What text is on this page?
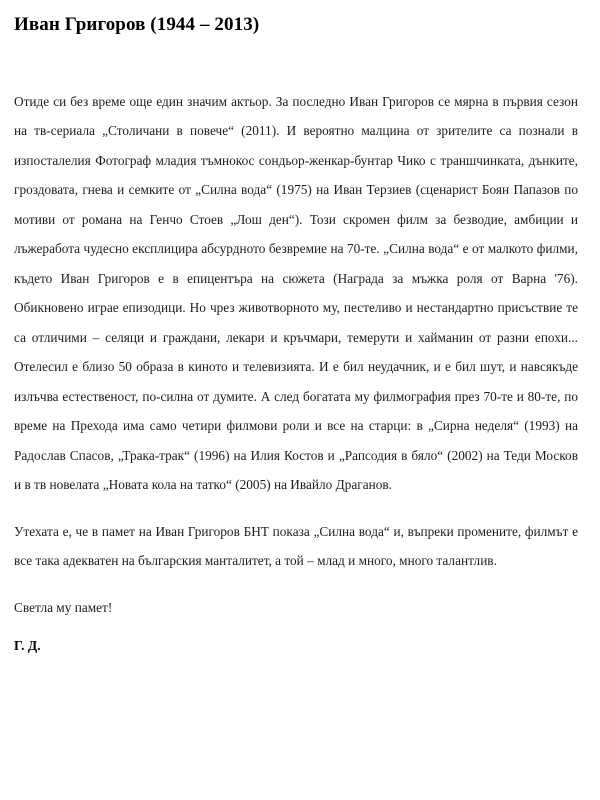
Иван Григоров (1944 – 2013)

Отиде си без време още един значим актьор. За последно Иван Григоров се мярна в първия сезон на тв-сериала „Столичани в повече“ (2011). И вероятно малцина от зрителите са познали в изпосталелия Фотограф младия тъмнокос сондьор-женкар-бунтар Чико с траншчинката, дънките, гроздовата, гнева и семките от „Силна вода“ (1975) на Иван Терзиев (сценарист Боян Папазов по мотиви от романа на Генчо Стоев „Лош ден“). Този скромен филм за безводие, амбиции и лъжеработа чудесно експлицира абсурдното безвремие на 70-те. „Силна вода“ е от малкото филми, където Иван Григоров е в епицентъра на сюжета (Награда за мъжка роля от Варна '76). Обикновено играе епизодици. Но чрез животворното му, пестеливо и нестандартно присъствие те са отличими – селяци и граждани, лекари и кръчмари, темерути и хайманин от разни епохи... Отелесил е близо 50 образа в киното и телевизията. И е бил неудачник, и е бил шут, и навсякъде излъчва естественост, по-силна от думите. А след богатата му филмография през 70-те и 80-те, по време на Прехода има само четири филмови роли и все на старци: в „Сирна неделя“ (1993) на Радослав Спасов, „Трака-трак“ (1996) на Илия Костов и „Рапсодия в бяло“ (2002) на Теди Москов и в тв новелата „Новата кола на татко“ (2005) на Ивайло Драганов.

Утехата е, че в памет на Иван Григоров БНТ показа „Силна вода“ и, въпреки промените, филмът е все така адекватен на българския манталитет, а той – млад и много, много талантлив.

Светла му памет!

Г. Д.
